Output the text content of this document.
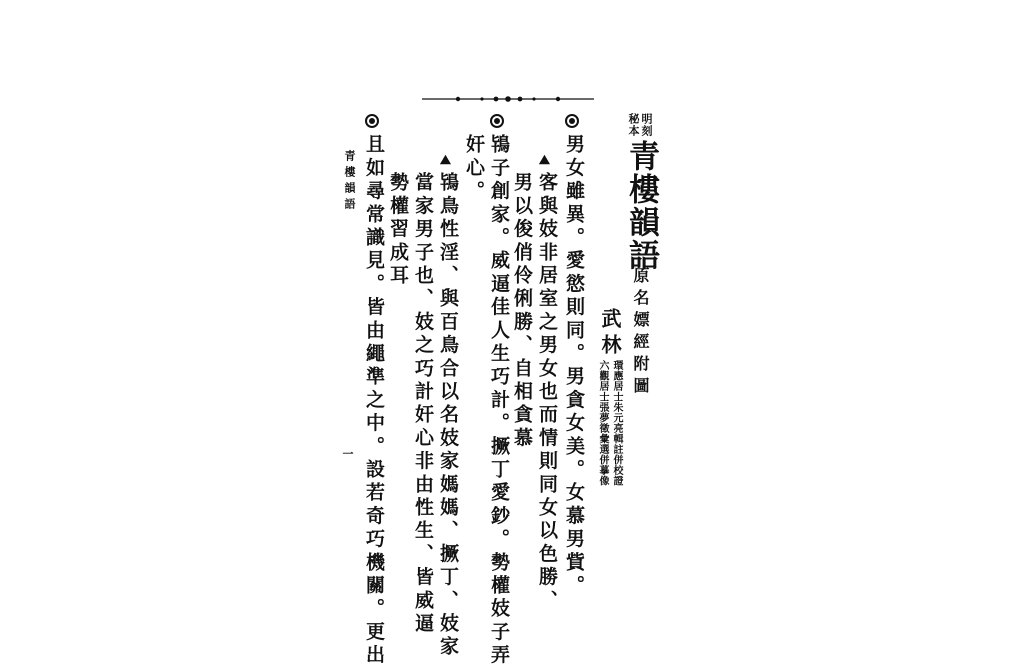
明刻
秘本
青樓韻語
原名嫖經附圖
武林
環應居士朱元亮輯註併校證
六觀居士張夢徵彙選併摹像
男女雖異。愛慾則同。男貪女美。女慕男貲。
⛰
客與妓非居室之男女也而情則同女以色勝、
男以俊俏伶俐勝、自相貪慕
鴇子創家。威逼佳人生巧計。撅丁愛鈔。勢權妓子弄
奸心。
⛰
鴇鳥性淫、與百鳥合以名妓家媽媽、撅丁、妓家
當家男子也、妓之巧計奸心非由性生、皆威逼
勢權習成耳
且如尋常識見。皆由繩準之中。設若奇巧機關。更出
青樓韻語
一
